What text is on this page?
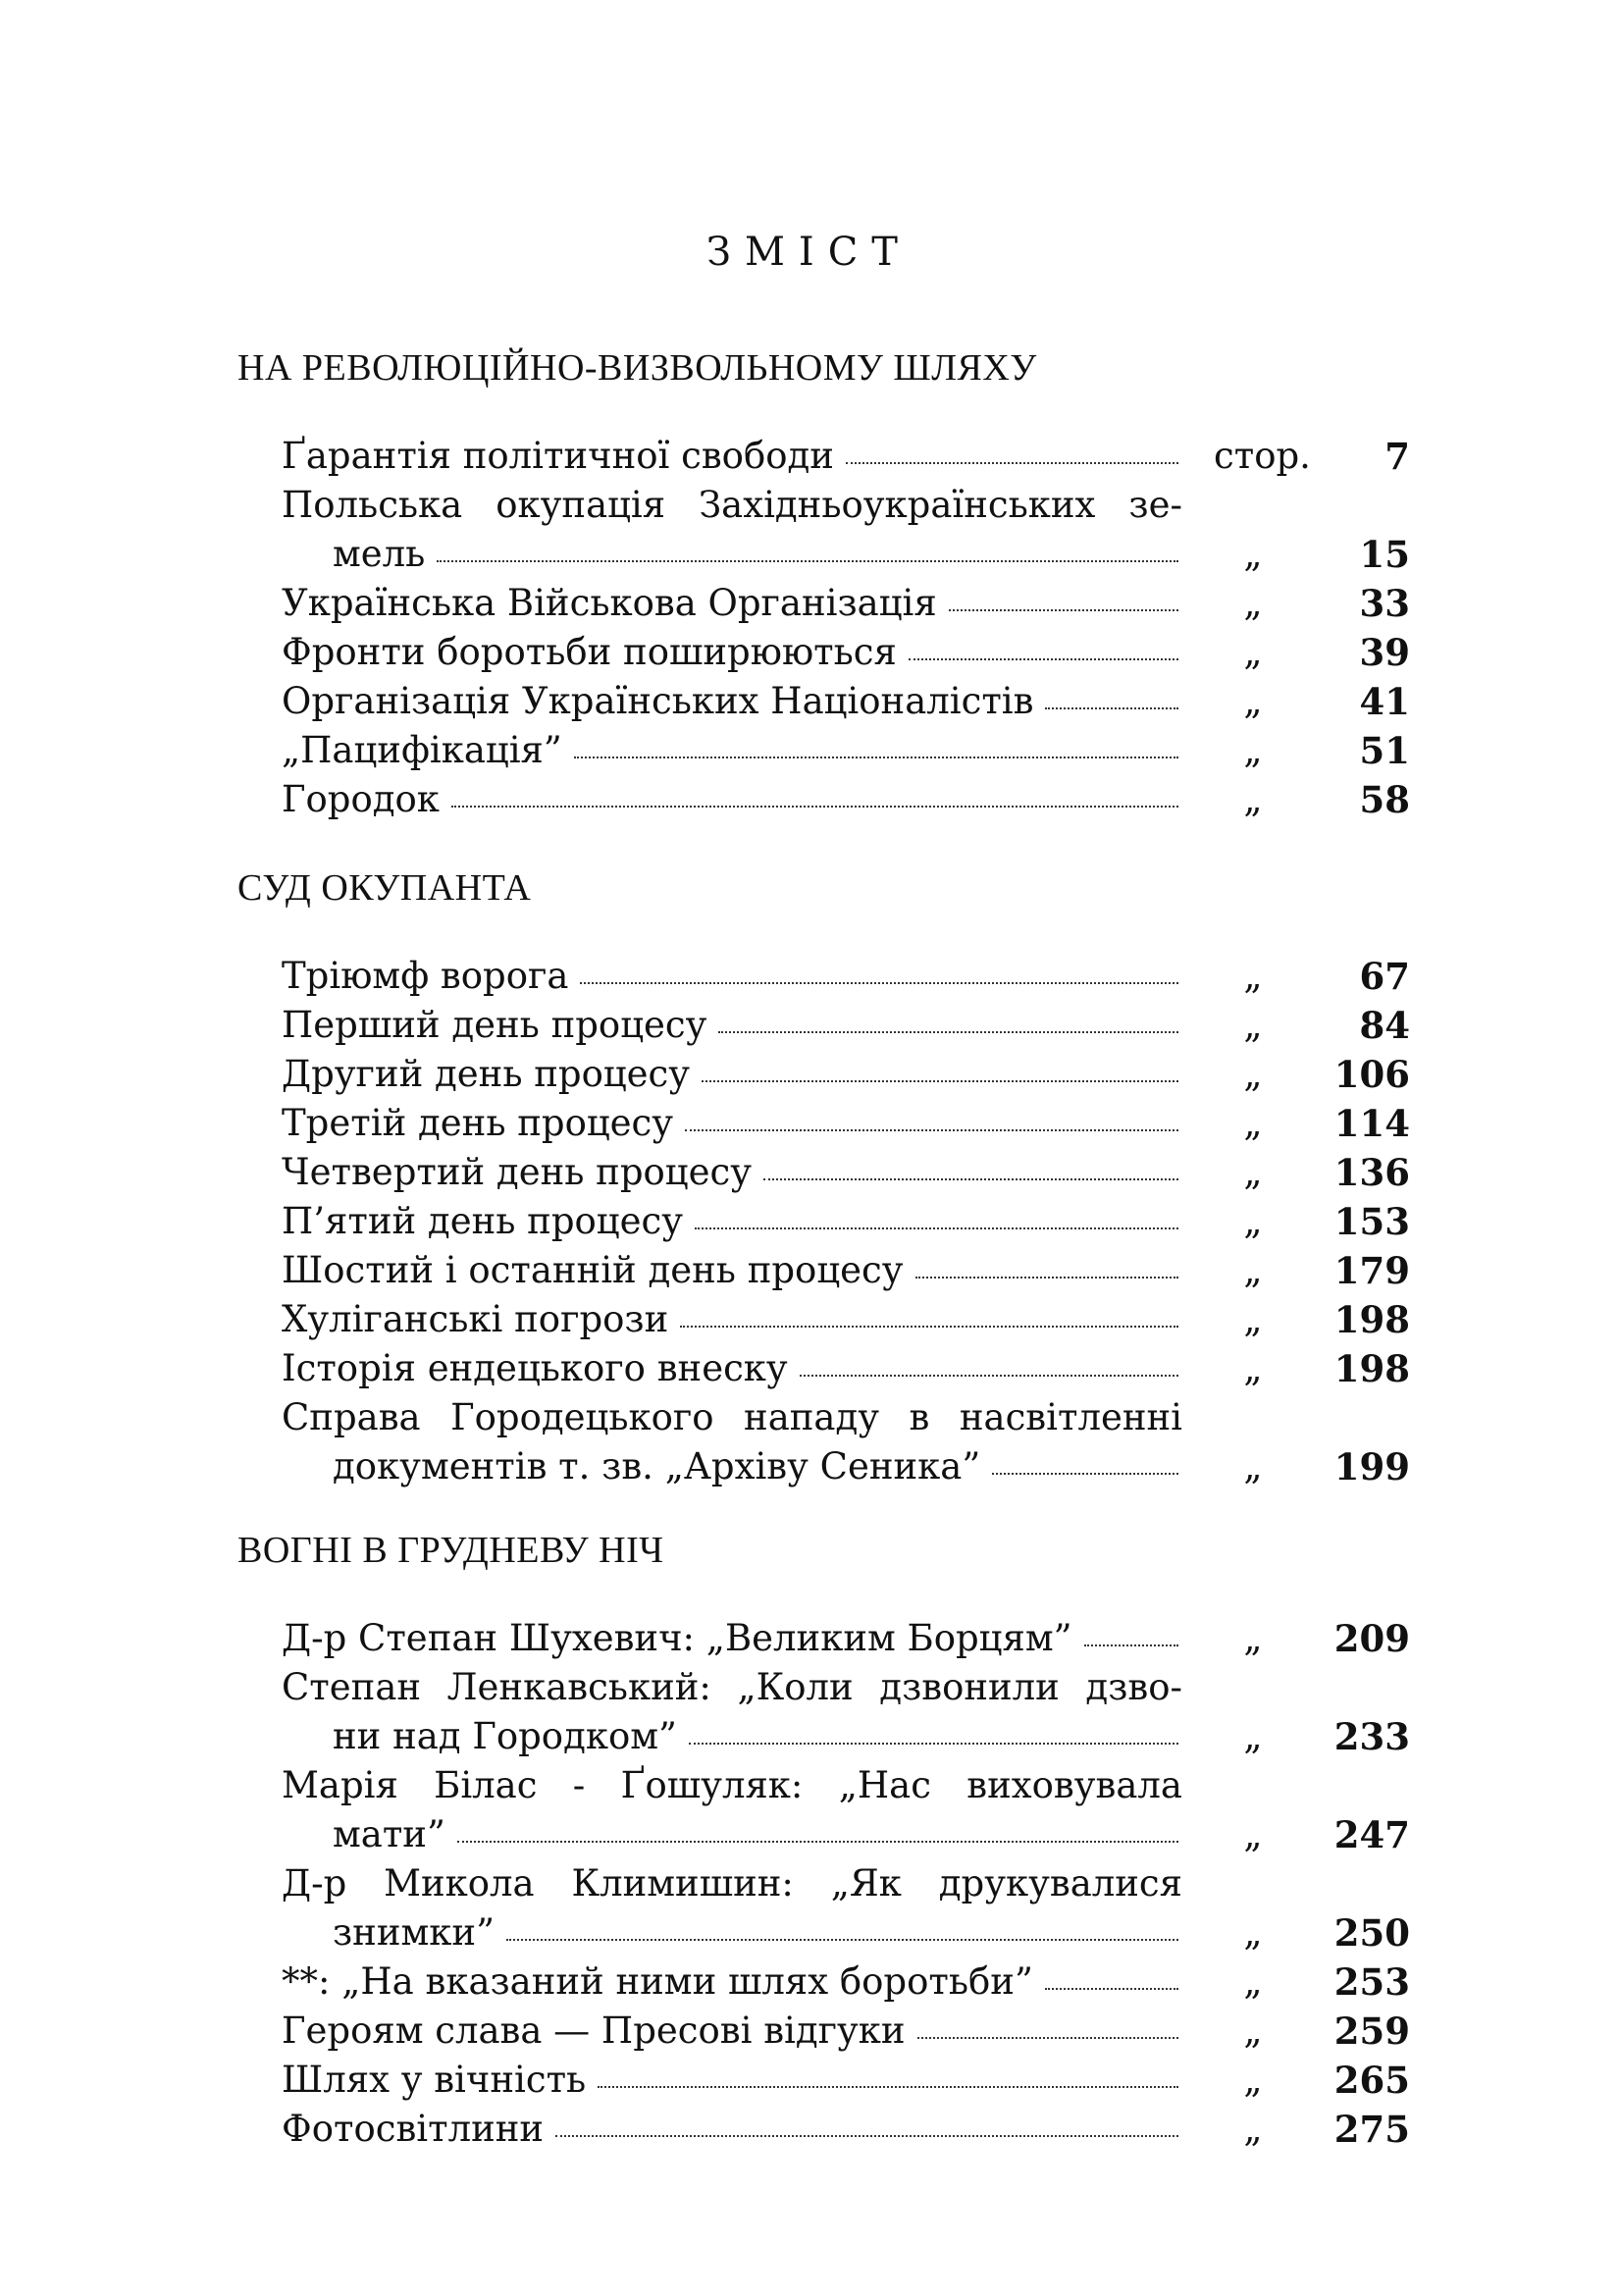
ЗМІСТ
НА РЕВОЛЮЦІЙНО-ВИЗВОЛЬНОМУ ШЛЯХУ
Ґарантія політичної свободи	стор.	7
Польська окупація Західньоукраїнських зе-
мель	„	15
Українська Військова Організація	„	33
Фронти боротьби поширюються	„	39
Організація Українських Націоналістів	„	41
„Пацифікація”	„	51
Городок	„	58
СУД ОКУПАНТА
Тріюмф ворога	„	67
Перший день процесу	„	84
Другий день процесу	„	106
Третій день процесу	„	114
Четвертий день процесу	„	136
П’ятий день процесу	„	153
Шостий і останній день процесу	„	179
Хуліганські погрози	„	198
Історія ендецького внеску	„	198
Справа Городецького нападу в насвітленні
документів т. зв. „Архіву Сеника”	„	199
ВОГНІ В ГРУДНЕВУ НІЧ
Д-р Степан Шухевич: „Великим Борцям”	„	209
Степан Ленкавський: „Коли дзвонили дзво-
ни над Городком”	„	233
Марія Білас - Ґошуляк: „Нас виховувала
мати”	„	247
Д-р Микола Климишин: „Як друкувалися
знимки”	„	250
**: „На вказаний ними шлях боротьби”	„	253
Героям слава — Пресові відгуки	„	259
Шлях у вічність	„	265
Фотосвітлини	„	275
